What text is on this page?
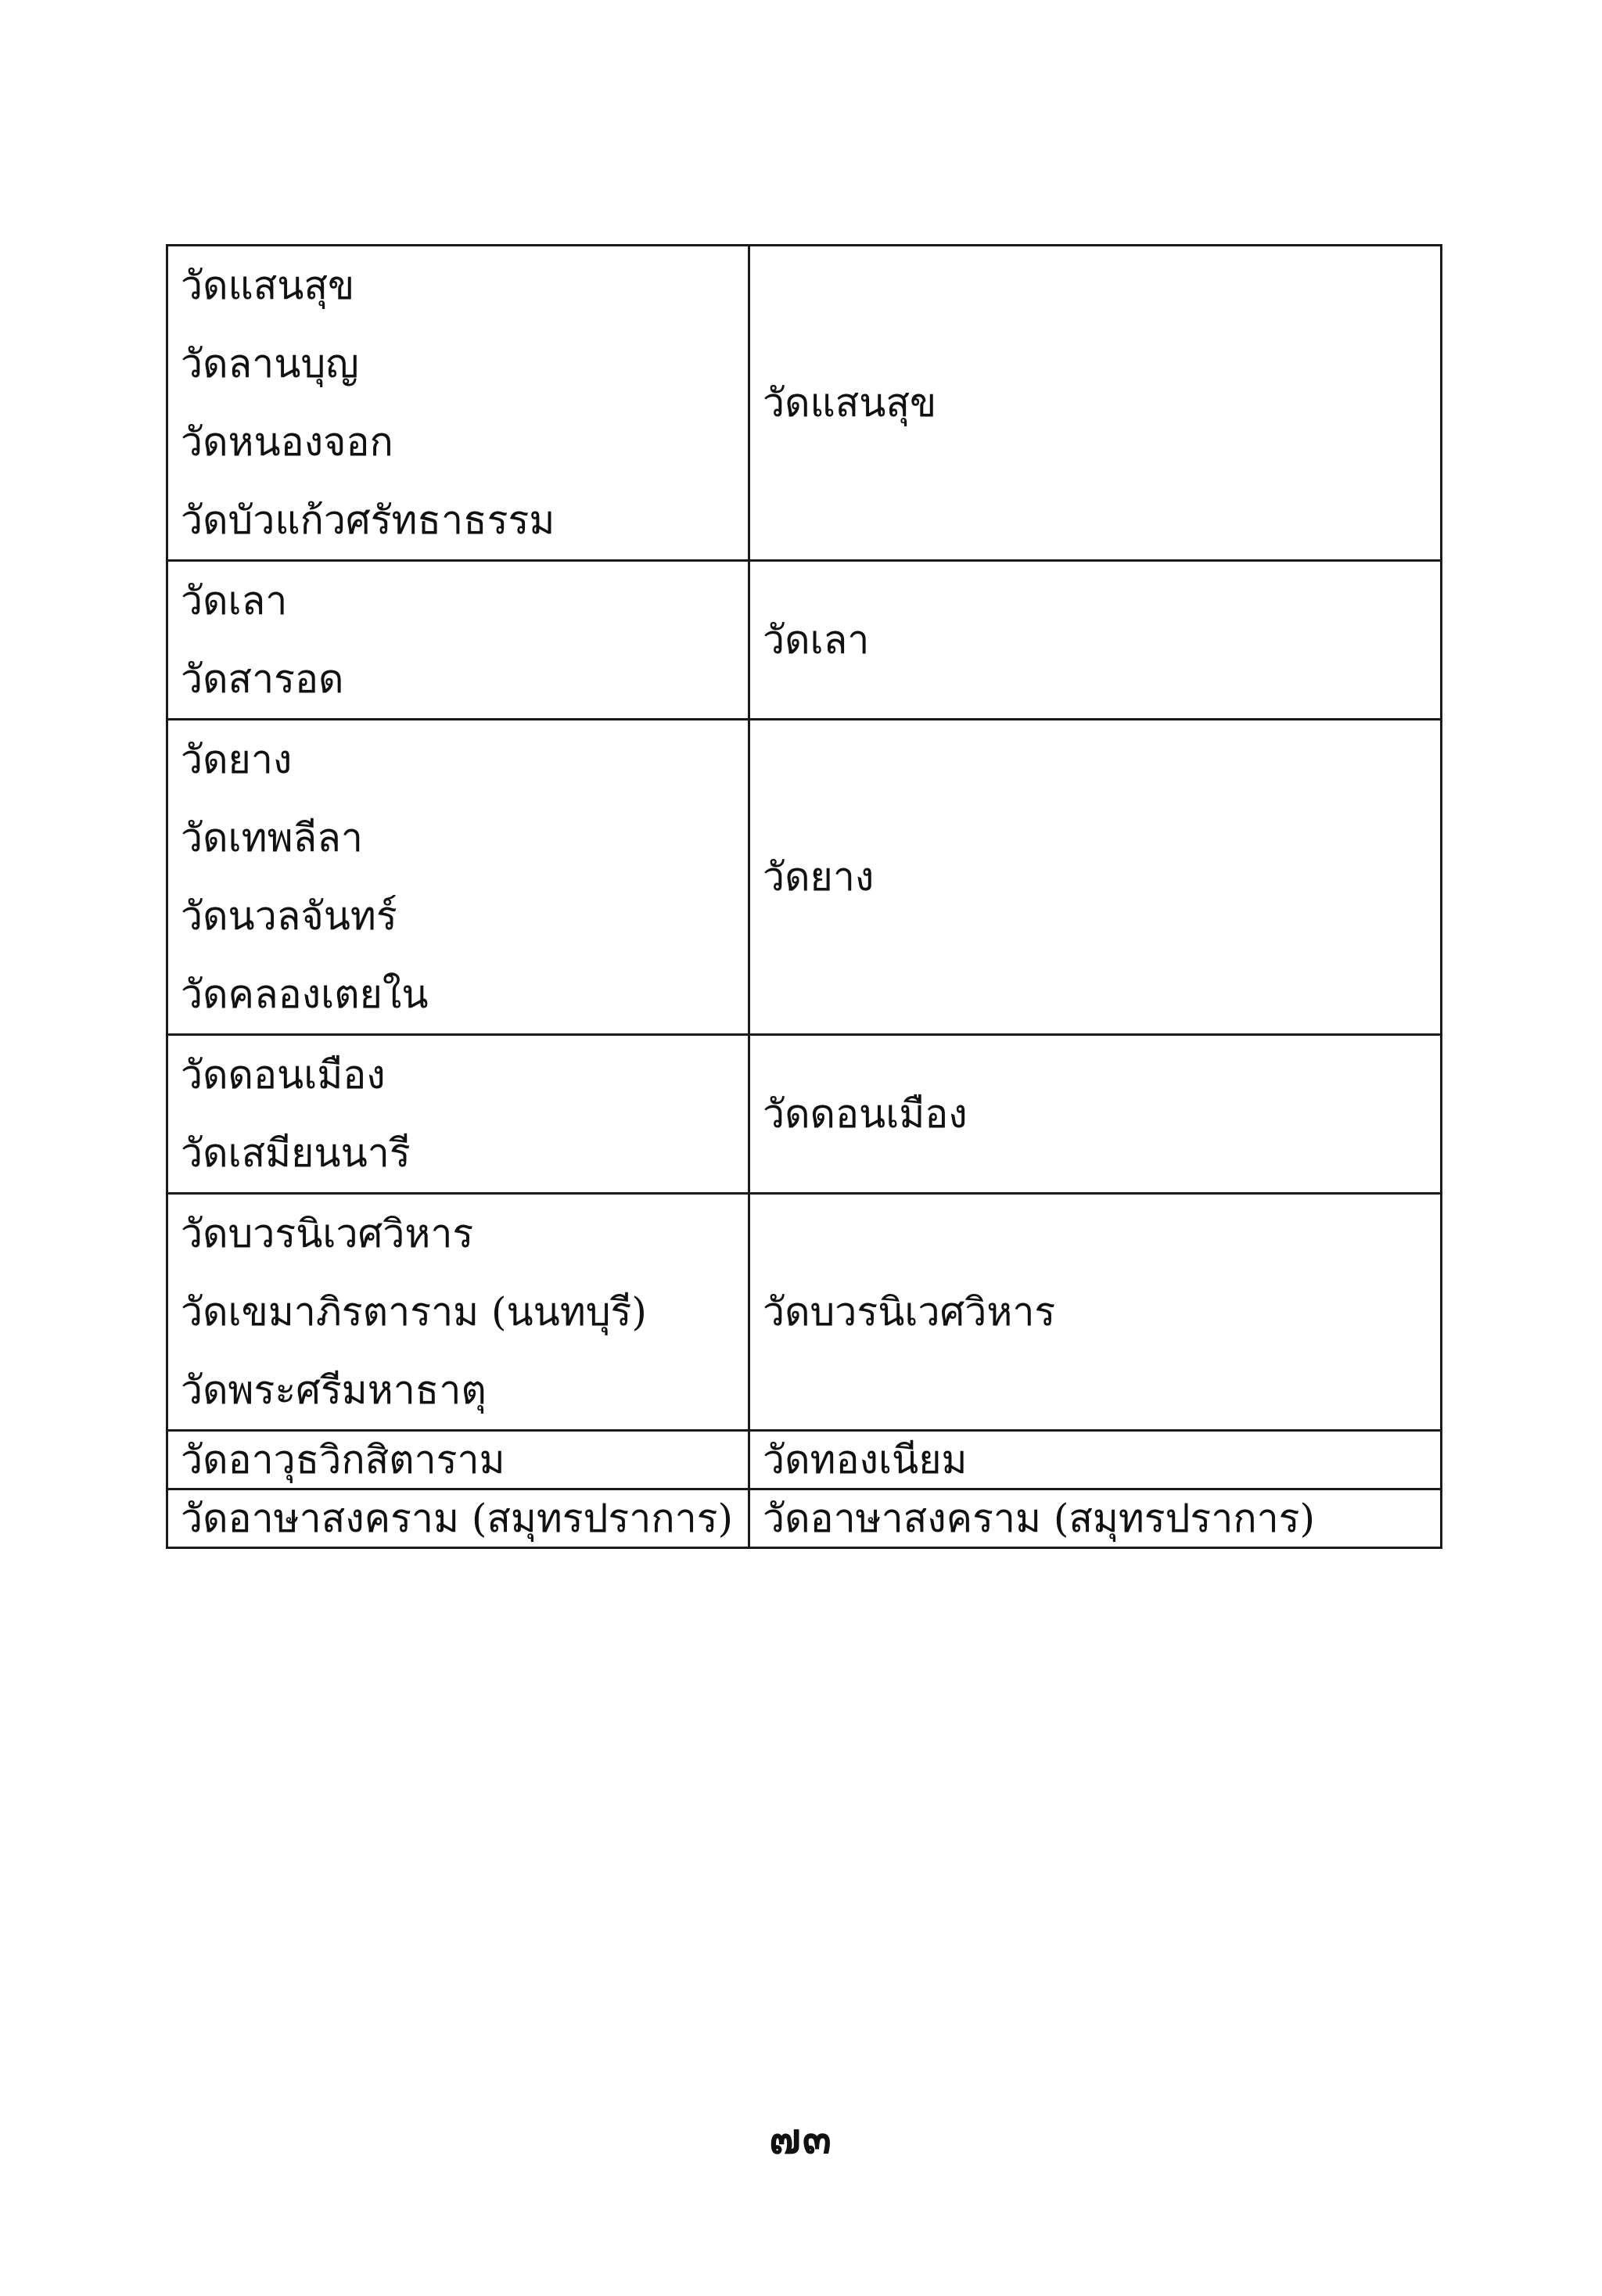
วัดแสนสุข
วัดลานบุญ
วัดหนองจอก
วัดบัวแก้วศรัทธาธรรม	วัดแสนสุข

วัดเลา
วัดสารอด	วัดเลา

วัดยาง
วัดเทพลีลา
วัดนวลจันทร์
วัดคลองเตยใน	วัดยาง

วัดดอนเมือง
วัดเสมียนนารี	วัดดอนเมือง

วัดบวรนิเวศวิหาร
วัดเขมาภิรตาราม (นนทบุรี)
วัดพระศรีมหาธาตุ	วัดบวรนิเวศวิหาร

วัดอาวุธวิกสิตาราม	วัดทองเนียม

วัดอาษาสงคราม (สมุทรปราการ)	วัดอาษาสงคราม (สมุทรปราการ)
๗๓
